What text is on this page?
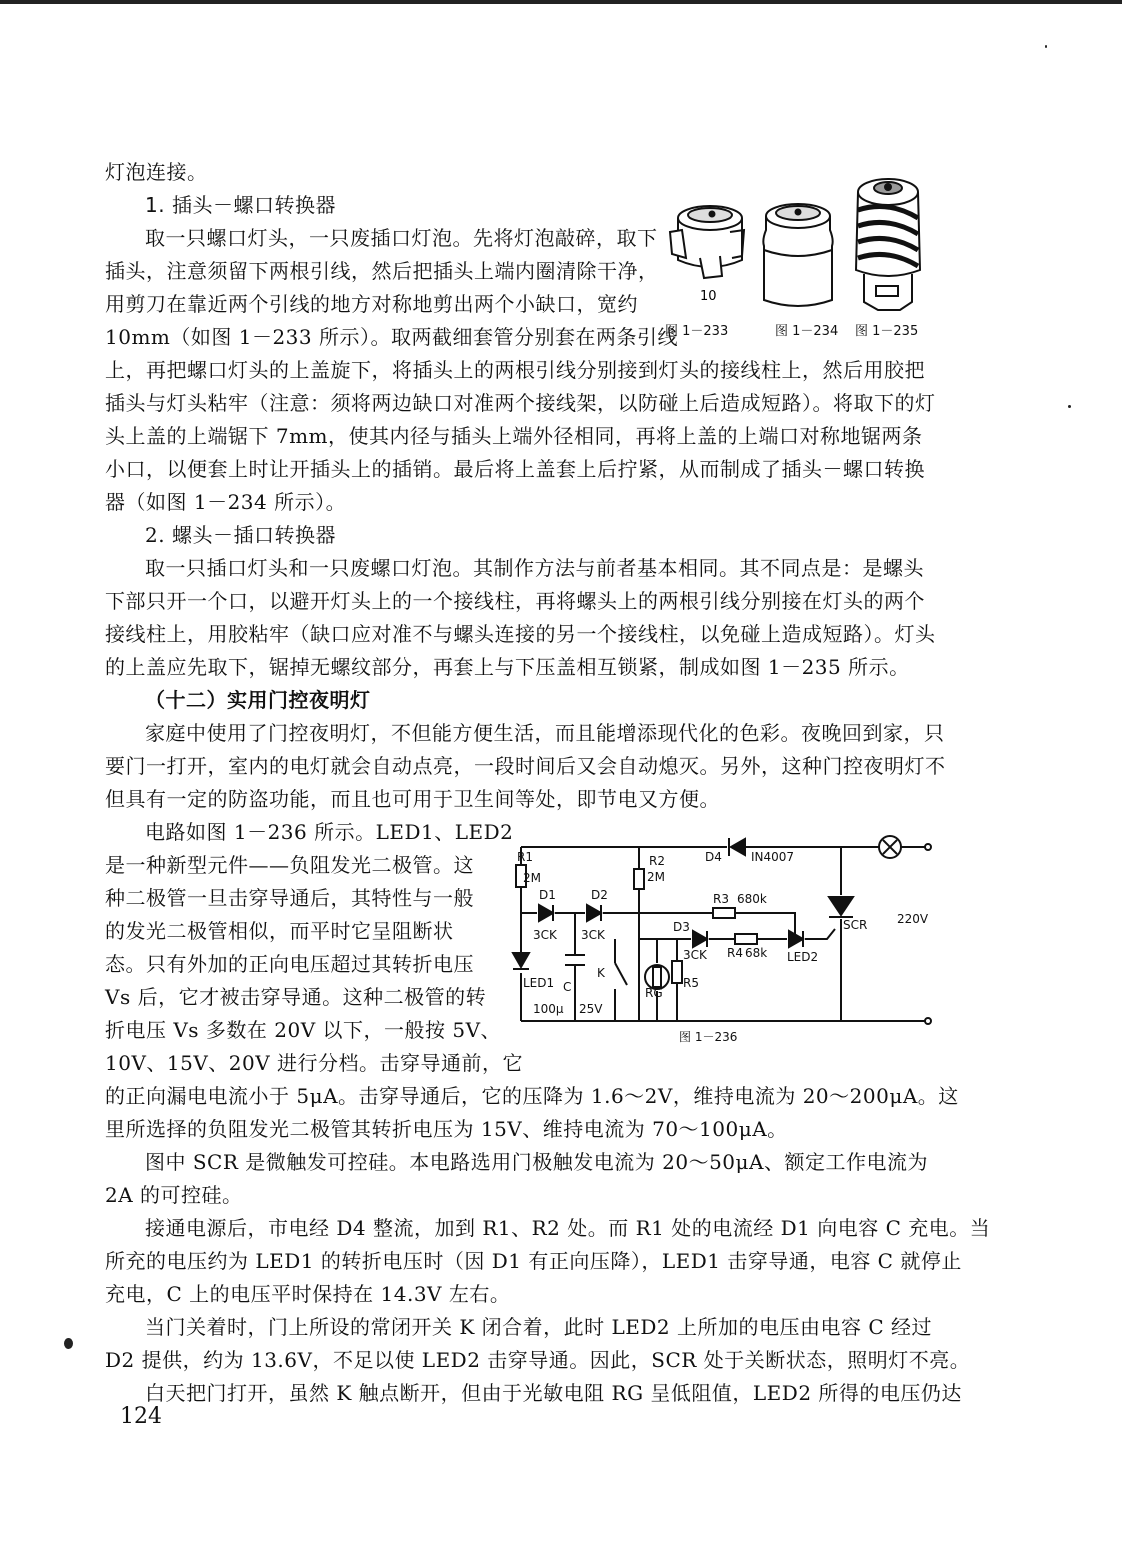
灯泡连接。
1. 插头－螺口转换器
取一只螺口灯头，一只废插口灯泡。先将灯泡敲碎，取下
插头，注意须留下两根引线，然后把插头上端内圈清除干净，
用剪刀在靠近两个引线的地方对称地剪出两个小缺口，宽约
10mm（如图 1－233 所示）。取两截细套管分别套在两条引线
上，再把螺口灯头的上盖旋下，将插头上的两根引线分别接到灯头的接线柱上，然后用胶把
插头与灯头粘牢（注意：须将两边缺口对准两个接线架，以防碰上后造成短路）。将取下的灯
头上盖的上端锯下 7mm，使其内径与插头上端外径相同，再将上盖的上端口对称地锯两条
小口，以便套上时让开插头上的插销。最后将上盖套上后拧紧，从而制成了插头－螺口转换
器（如图 1－234 所示）。
2. 螺头－插口转换器
取一只插口灯头和一只废螺口灯泡。其制作方法与前者基本相同。其不同点是：是螺头
下部只开一个口，以避开灯头上的一个接线柱，再将螺头上的两根引线分别接在灯头的两个
接线柱上，用胶粘牢（缺口应对准不与螺头连接的另一个接线柱，以免碰上造成短路）。灯头
的上盖应先取下，锯掉无螺纹部分，再套上与下压盖相互锁紧，制成如图 1－235 所示。
（十二）实用门控夜明灯
家庭中使用了门控夜明灯，不但能方便生活，而且能增添现代化的色彩。夜晚回到家，只
要门一打开，室内的电灯就会自动点亮，一段时间后又会自动熄灭。另外，这种门控夜明灯不
但具有一定的防盗功能，而且也可用于卫生间等处，即节电又方便。
电路如图 1－236 所示。LED1、LED2
是一种新型元件——负阻发光二极管。这
种二极管一旦击穿导通后，其特性与一般
的发光二极管相似，而平时它呈阻断状
态。只有外加的正向电压超过其转折电压
Vs 后，它才被击穿导通。这种二极管的转
折电压 Vs 多数在 20V 以下，一般按 5V、
10V、15V、20V 进行分档。击穿导通前，它
的正向漏电电流小于 5μA。击穿导通后，它的压降为 1.6～2V，维持电流为 20～200μA。这
里所选择的负阻发光二极管其转折电压为 15V、维持电流为 70～100μA。
图中 SCR 是微触发可控硅。本电路选用门极触发电流为 20～50μA、额定工作电流为
2A 的可控硅。
接通电源后，市电经 D4 整流，加到 R1、R2 处。而 R1 处的电流经 D1 向电容 C 充电。当
所充的电压约为 LED1 的转折电压时（因 D1 有正向压降），LED1 击穿导通，电容 C 就停止
充电，C 上的电压平时保持在 14.3V 左右。
当门关着时，门上所设的常闭开关 K 闭合着，此时 LED2 上所加的电压由电容 C 经过
D2 提供，约为 13.6V，不足以使 LED2 击穿导通。因此，SCR 处于关断状态，照明灯不亮。
白天把门打开，虽然 K 触点断开，但由于光敏电阻 RG 呈低阻值，LED2 所得的电压仍达
124
10
图 1－233	图 1－234 图 1－235
D4 IN4007
R1
2M
R2
2M
D1
3CK
D2
3CK
R3 680k
D3
3CK R4 68k LED2
LED1 C
100μ 25V
K
RG
R5
SCR 220V
图 1－236
